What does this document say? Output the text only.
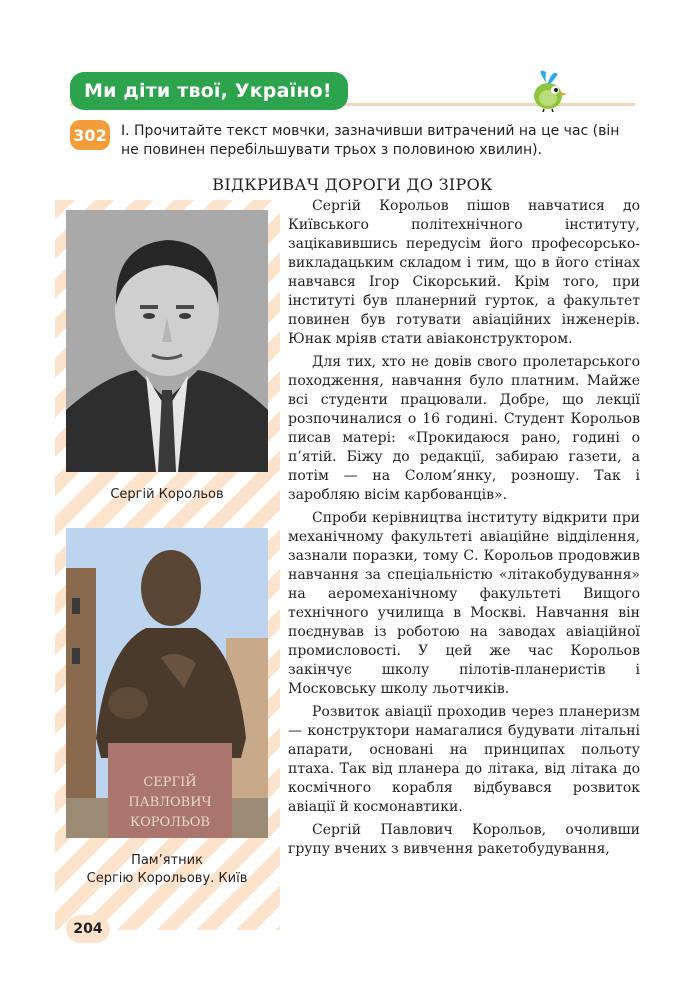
Ми діти твої, Україно!
302 І. Прочитайте текст мовчки, зазначивши витрачений на це час (він не повинен перебільшувати трьох з половиною хвилин).
ВІДКРИВАЧ ДОРОГИ ДО ЗІРОК
Сергій Корольов
СЕРГІЙ
ПАВЛОВИЧ
КОРОЛЬОВ
Пам’ятник
Сергію Корольову. Київ

Сергій Корольов пішов навчатися до Київського політехнічного інституту, зацікавившись передусім його професорсько-викладацьким складом і тим, що в його стінах навчався Ігор Сікорський. Крім того, при інституті був планерний гурток, а факультет повинен був готувати авіаційних інженерів. Юнак мріяв стати авіаконструктором.

Для тих, хто не довів свого пролетарського походження, навчання було платним. Майже всі студенти працювали. Добре, що лекції розпочиналися о 16 годині. Студент Корольов писав матері: «Прокидаюся рано, годині о п’ятій. Біжу до редакції, забираю газети, а потім — на Солом’янку, розношу. Так і заробляю вісім карбованців».

Спроби керівництва інституту відкрити при механічному факультеті авіаційне відділення, зазнали поразки, тому С. Корольов продовжив навчання за спеціальністю «літакобудування» на аеромеханічному факультеті Вищого технічного училища в Москві. Навчання він поєднував із роботою на заводах авіаційної промисловості. У цей же час Корольов закінчує школу пілотів-планеристів і Московську школу льотчиків.

Розвиток авіації проходив через планеризм — конструктори намагалися будувати літальні апарати, основані на принципах польоту птаха. Так від планера до літака, від літака до космічного корабля відбувався розвиток авіації й космонавтики.

Сергій Павлович Корольов, очоливши групу вчених з вивчення ракетобудування,

204
